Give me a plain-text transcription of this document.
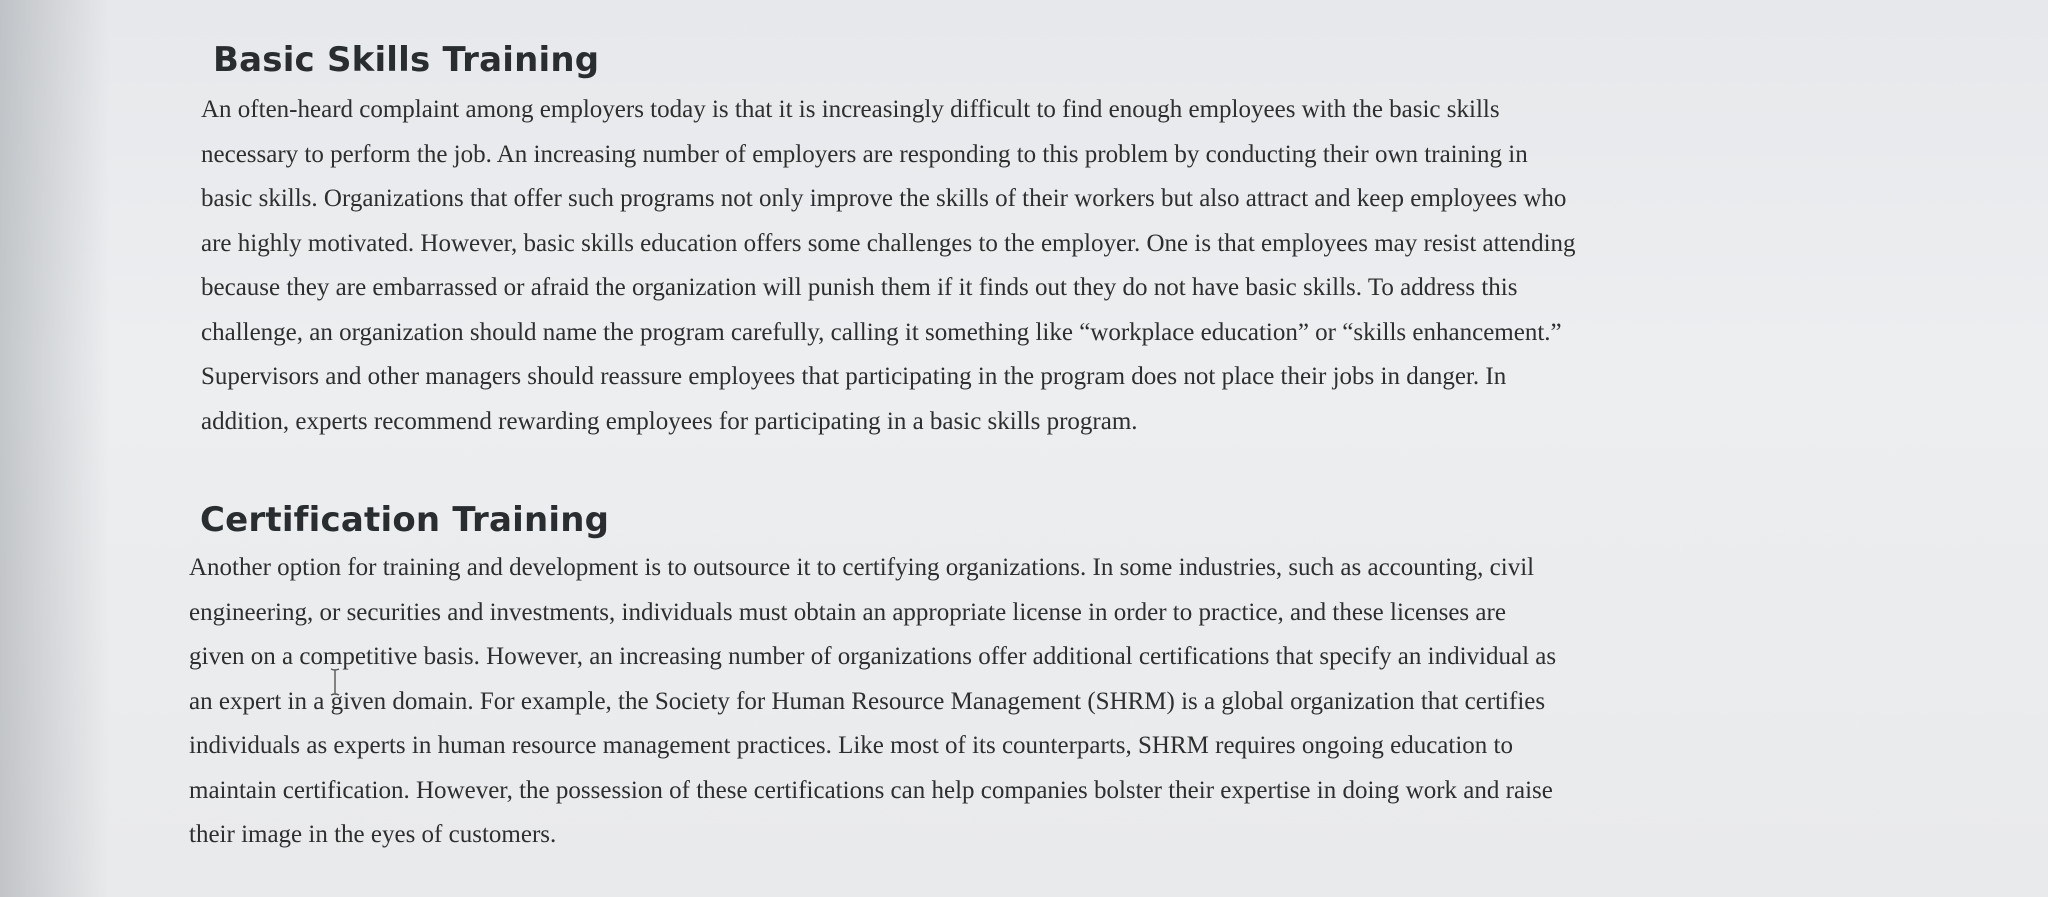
Basic Skills Training

An often-heard complaint among employers today is that it is increasingly difficult to find enough employees with the basic skills
necessary to perform the job. An increasing number of employers are responding to this problem by conducting their own training in
basic skills. Organizations that offer such programs not only improve the skills of their workers but also attract and keep employees who
are highly motivated. However, basic skills education offers some challenges to the employer. One is that employees may resist attending
because they are embarrassed or afraid the organization will punish them if it finds out they do not have basic skills. To address this
challenge, an organization should name the program carefully, calling it something like “workplace education” or “skills enhancement.”
Supervisors and other managers should reassure employees that participating in the program does not place their jobs in danger. In
addition, experts recommend rewarding employees for participating in a basic skills program.

Certification Training

Another option for training and development is to outsource it to certifying organizations. In some industries, such as accounting, civil
engineering, or securities and investments, individuals must obtain an appropriate license in order to practice, and these licenses are
given on a competitive basis. However, an increasing number of organizations offer additional certifications that specify an individual as
an expert in a given domain. For example, the Society for Human Resource Management (SHRM) is a global organization that certifies
individuals as experts in human resource management practices. Like most of its counterparts, SHRM requires ongoing education to
maintain certification. However, the possession of these certifications can help companies bolster their expertise in doing work and raise
their image in the eyes of customers.
